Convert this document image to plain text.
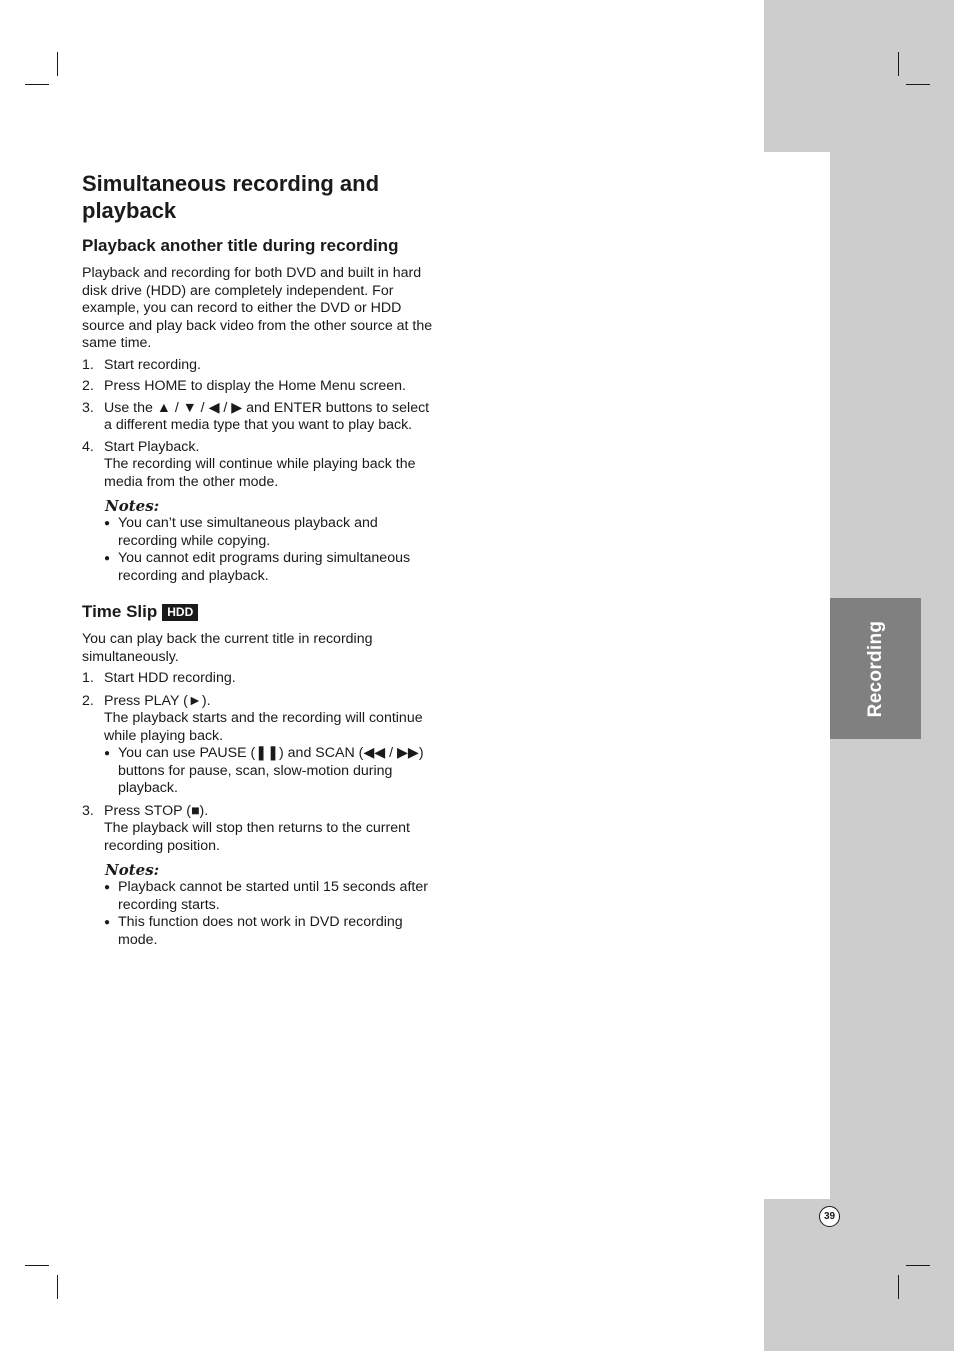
Recording
39
Simultaneous recording and playback
Playback another title during recording

Playback and recording for both DVD and built in hard disk drive (HDD) are completely independent. For example, you can record to either the DVD or HDD source and play back video from the other source at the same time.

1. Start recording.
2. Press HOME to display the Home Menu screen.
3. Use the ▲ / ▼ / ◀ / ▶ and ENTER buttons to select a different media type that you want to play back.
4. Start Playback.
The recording will continue while playing back the media from the other mode.
Notes:
● You can’t use simultaneous playback and recording while copying.
● You cannot edit programs during simultaneous recording and playback.
Time Slip HDD

You can play back the current title in recording simultaneously.

1. Start HDD recording.
2. Press PLAY (►).
The playback starts and the recording will continue while playing back.
● You can use PAUSE (❚❚) and SCAN (◀◀ / ▶▶) buttons for pause, scan, slow-motion during playback.
3. Press STOP (■).
The playback will stop then returns to the current recording position.
Notes:
● Playback cannot be started until 15 seconds after recording starts.
● This function does not work in DVD recording mode.
